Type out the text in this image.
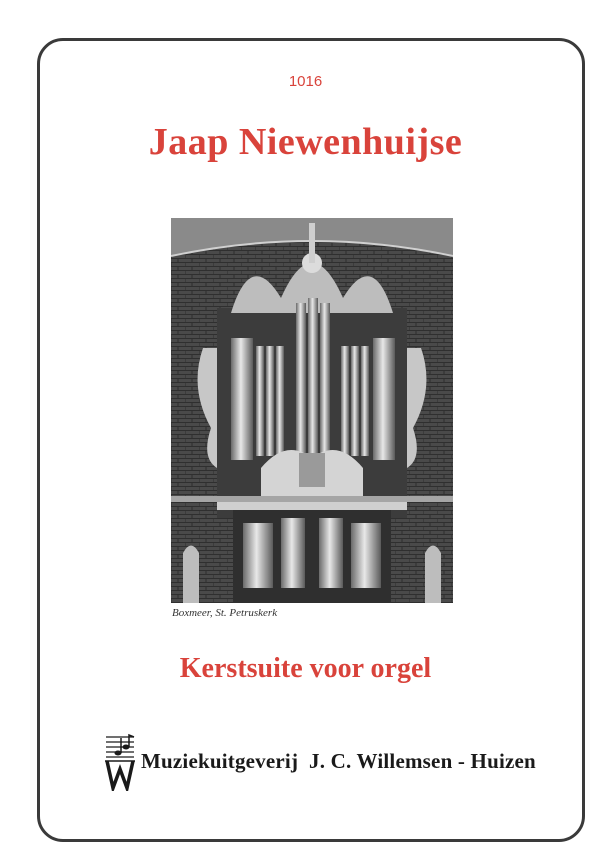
1016
Jaap Niewenhuijse
Boxmeer, St. Petruskerk
Kerstsuite voor orgel
Muziekuitgeverij  J. C. Willemsen - Huizen
